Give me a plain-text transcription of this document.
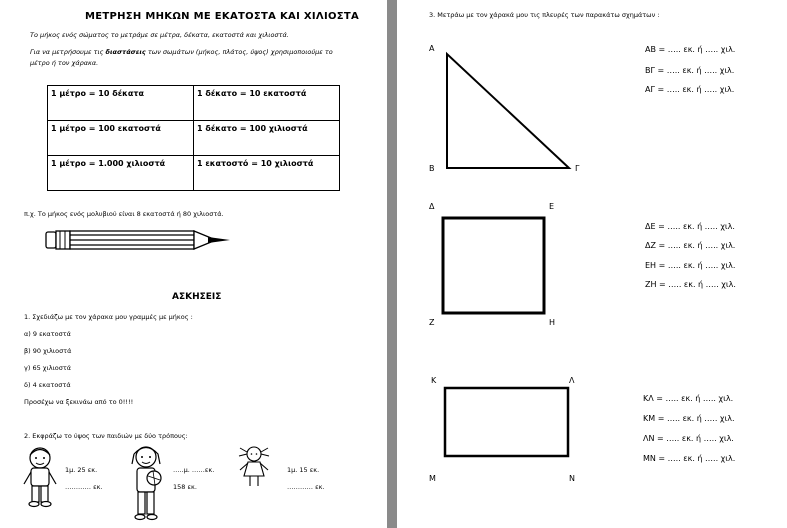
ΜΕΤΡΗΣΗ ΜΗΚΩΝ ΜΕ ΕΚΑΤΟΣΤΑ ΚΑΙ ΧΙΛΙΟΣΤΑ
Το μήκος ενός σώματος το μετράμε σε μέτρα, δέκατα, εκατοστά και χιλιοστά.
Για να μετρήσουμε τις διαστάσεις των σωμάτων (μήκος, πλάτος, ύψος) χρησιμοποιούμε το
μέτρο ή τον χάρακα.
1 μέτρο = 10 δέκατα	1 δέκατο = 10 εκατοστά
1 μέτρο = 100 εκατοστά	1 δέκατο = 100 χιλιοστά
1 μέτρο = 1.000 χιλιοστά	1 εκατοστό = 10 χιλιοστά
π.χ. Το μήκος ενός μολυβιού είναι 8 εκατοστά ή 80 χιλιοστά.
ΑΣΚΗΣΕΙΣ
1. Σχεδιάζω με τον χάρακα μου γραμμές με μήκος :
α) 9 εκατοστά
β) 90 χιλιοστά
γ) 65 χιλιοστά
δ) 4 εκατοστά
Προσέχω να ξεκινάω από το 0!!!!
2. Εκφράζω το ύψος των παιδιών με δύο τρόπους:
1μ. 25 εκ.
………… εκ.
…..μ. ……εκ.
158 εκ.
1μ. 15 εκ.
………… εκ.
3. Μετράω με τον χάρακά μου τις πλευρές των παρακάτω σχημάτων :
Α
Β	Γ
ΑΒ = ….. εκ. ή ….. χιλ.
ΒΓ = ….. εκ. ή ….. χιλ.
ΑΓ = ….. εκ. ή ….. χιλ.
Δ	Ε
Ζ	Η
ΔΕ = ….. εκ. ή ….. χιλ.
ΔΖ = ….. εκ. ή ….. χιλ.
ΕΗ = ….. εκ. ή ….. χιλ.
ΖΗ = ….. εκ. ή ….. χιλ.
Κ	Λ
Μ	Ν
ΚΛ = ….. εκ. ή ….. χιλ.
ΚΜ = ….. εκ. ή ….. χιλ.
ΛΝ = ….. εκ. ή ….. χιλ.
ΜΝ = ….. εκ. ή ….. χιλ.
